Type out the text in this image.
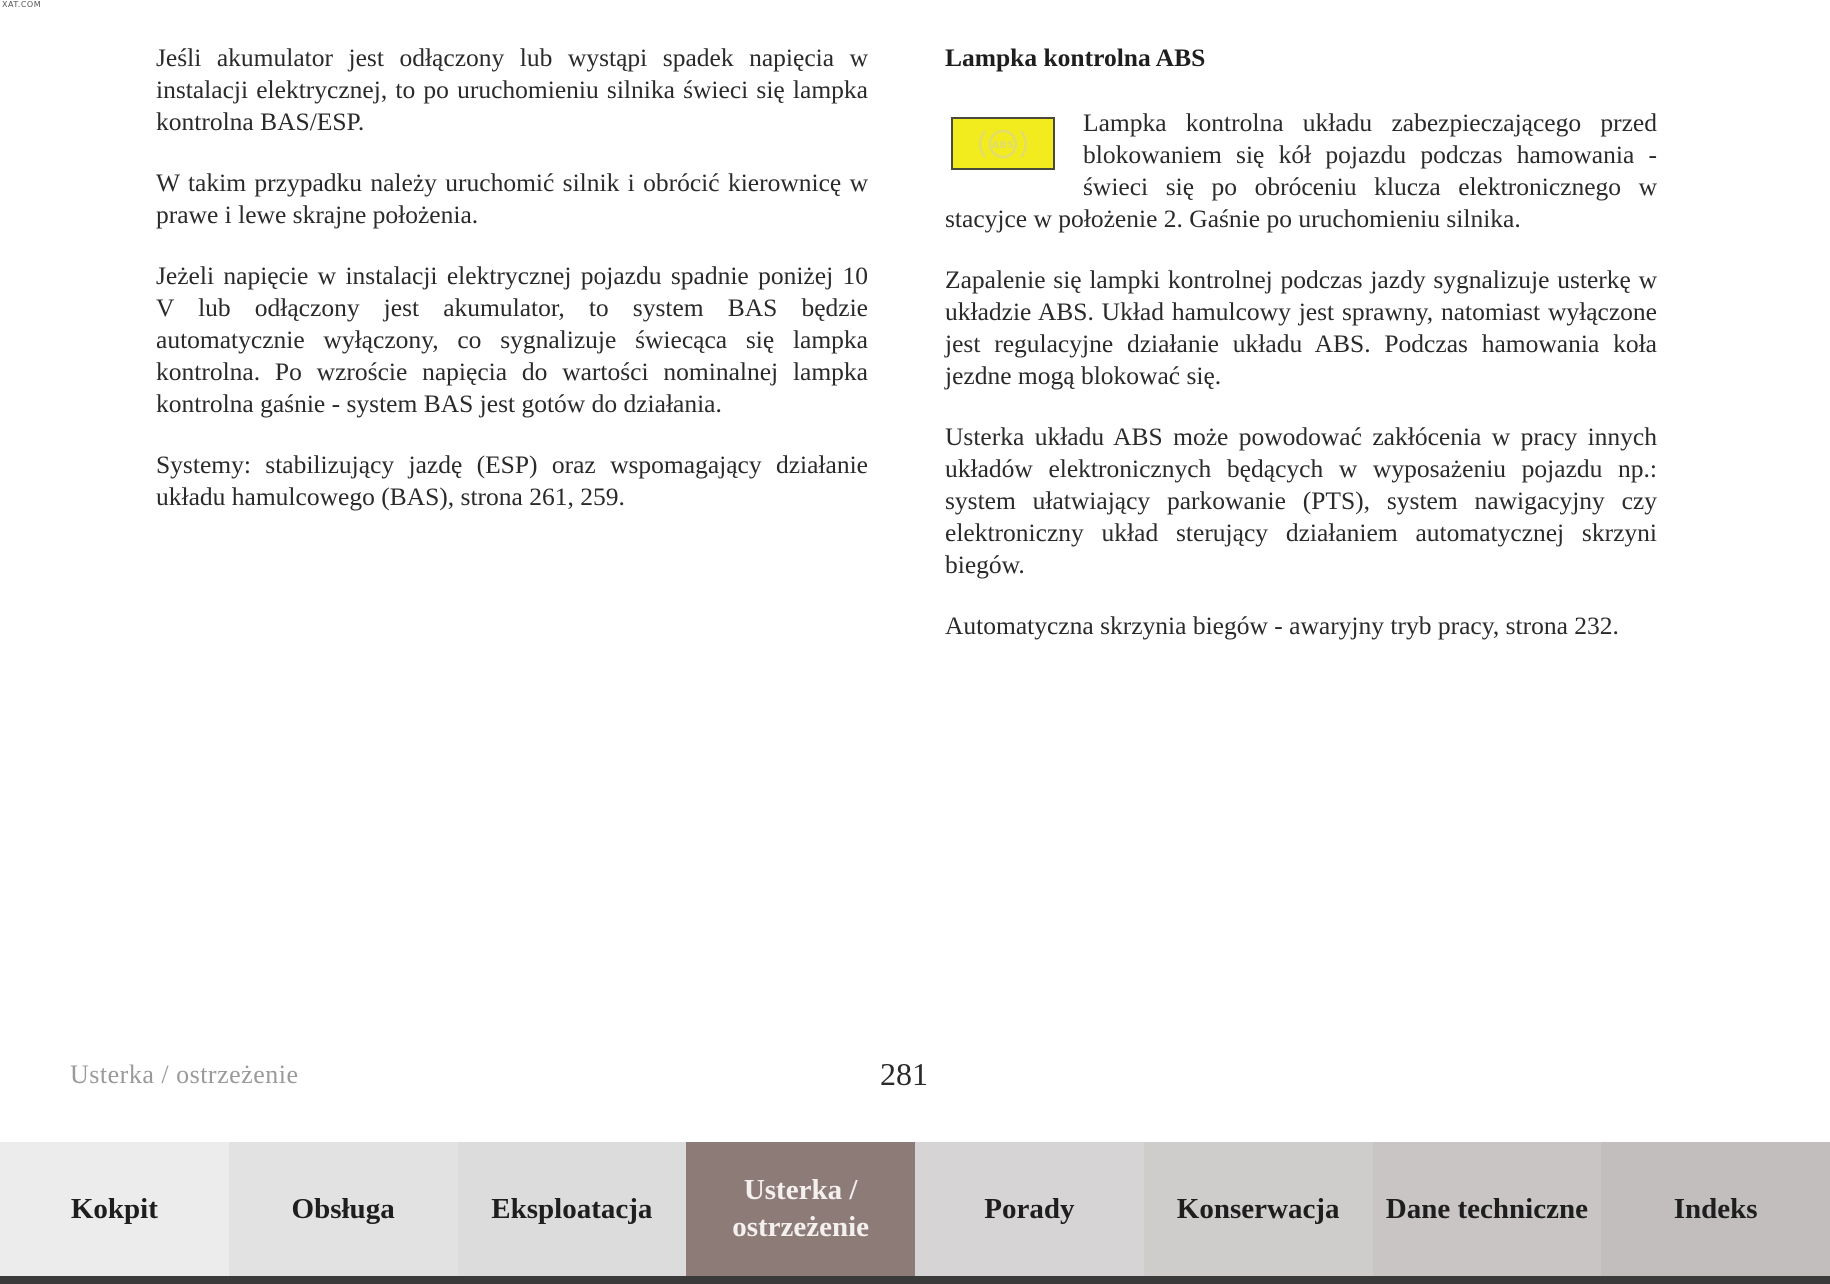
XAT.COM

Jeśli akumulator jest odłączony lub wystąpi spadek napięcia w instalacji elektrycznej, to po uruchomieniu silnika świeci się lampka kontrolna BAS/ESP.

W takim przypadku należy uruchomić silnik i obrócić kierownicę w prawe i lewe skrajne położenia.

Jeżeli napięcie w instalacji elektrycznej pojazdu spadnie poniżej 10 V lub odłączony jest akumulator, to system BAS będzie automatycznie wyłączony, co sygnalizuje świecąca się lampka kontrolna. Po wzroście napięcia do wartości nominalnej lampka kontrolna gaśnie - system BAS jest gotów do działania.

Systemy: stabilizujący jazdę (ESP) oraz wspomagający działanie układu hamulcowego (BAS), strona 261, 259.

Lampka kontrolna ABS
ABS

Lampka kontrolna układu zabezpieczającego przed blokowaniem się kół pojazdu podczas hamowania - świeci się po obróceniu klucza elektronicznego w stacyjce w położenie 2. Gaśnie po uruchomieniu silnika.

Zapalenie się lampki kontrolnej podczas jazdy sygnalizuje usterkę w układzie ABS. Układ hamulcowy jest sprawny, natomiast wyłączone jest regulacyjne działanie układu ABS. Podczas hamowania koła jezdne mogą blokować się.

Usterka układu ABS może powodować zakłócenia w pracy innych układów elektronicznych będących w wyposażeniu pojazdu np.: system ułatwiający parkowanie (PTS), system nawigacyjny czy elektroniczny układ sterujący działaniem automatycznej skrzyni biegów.

Automatyczna skrzynia biegów - awaryjny tryb pracy, strona 232.

Usterka / ostrzeżenie	281
Kokpit	Obsługa	Eksploatacja
Usterka / ostrzeżenie
Porady	Konserwacja	Dane techniczne	Indeks
